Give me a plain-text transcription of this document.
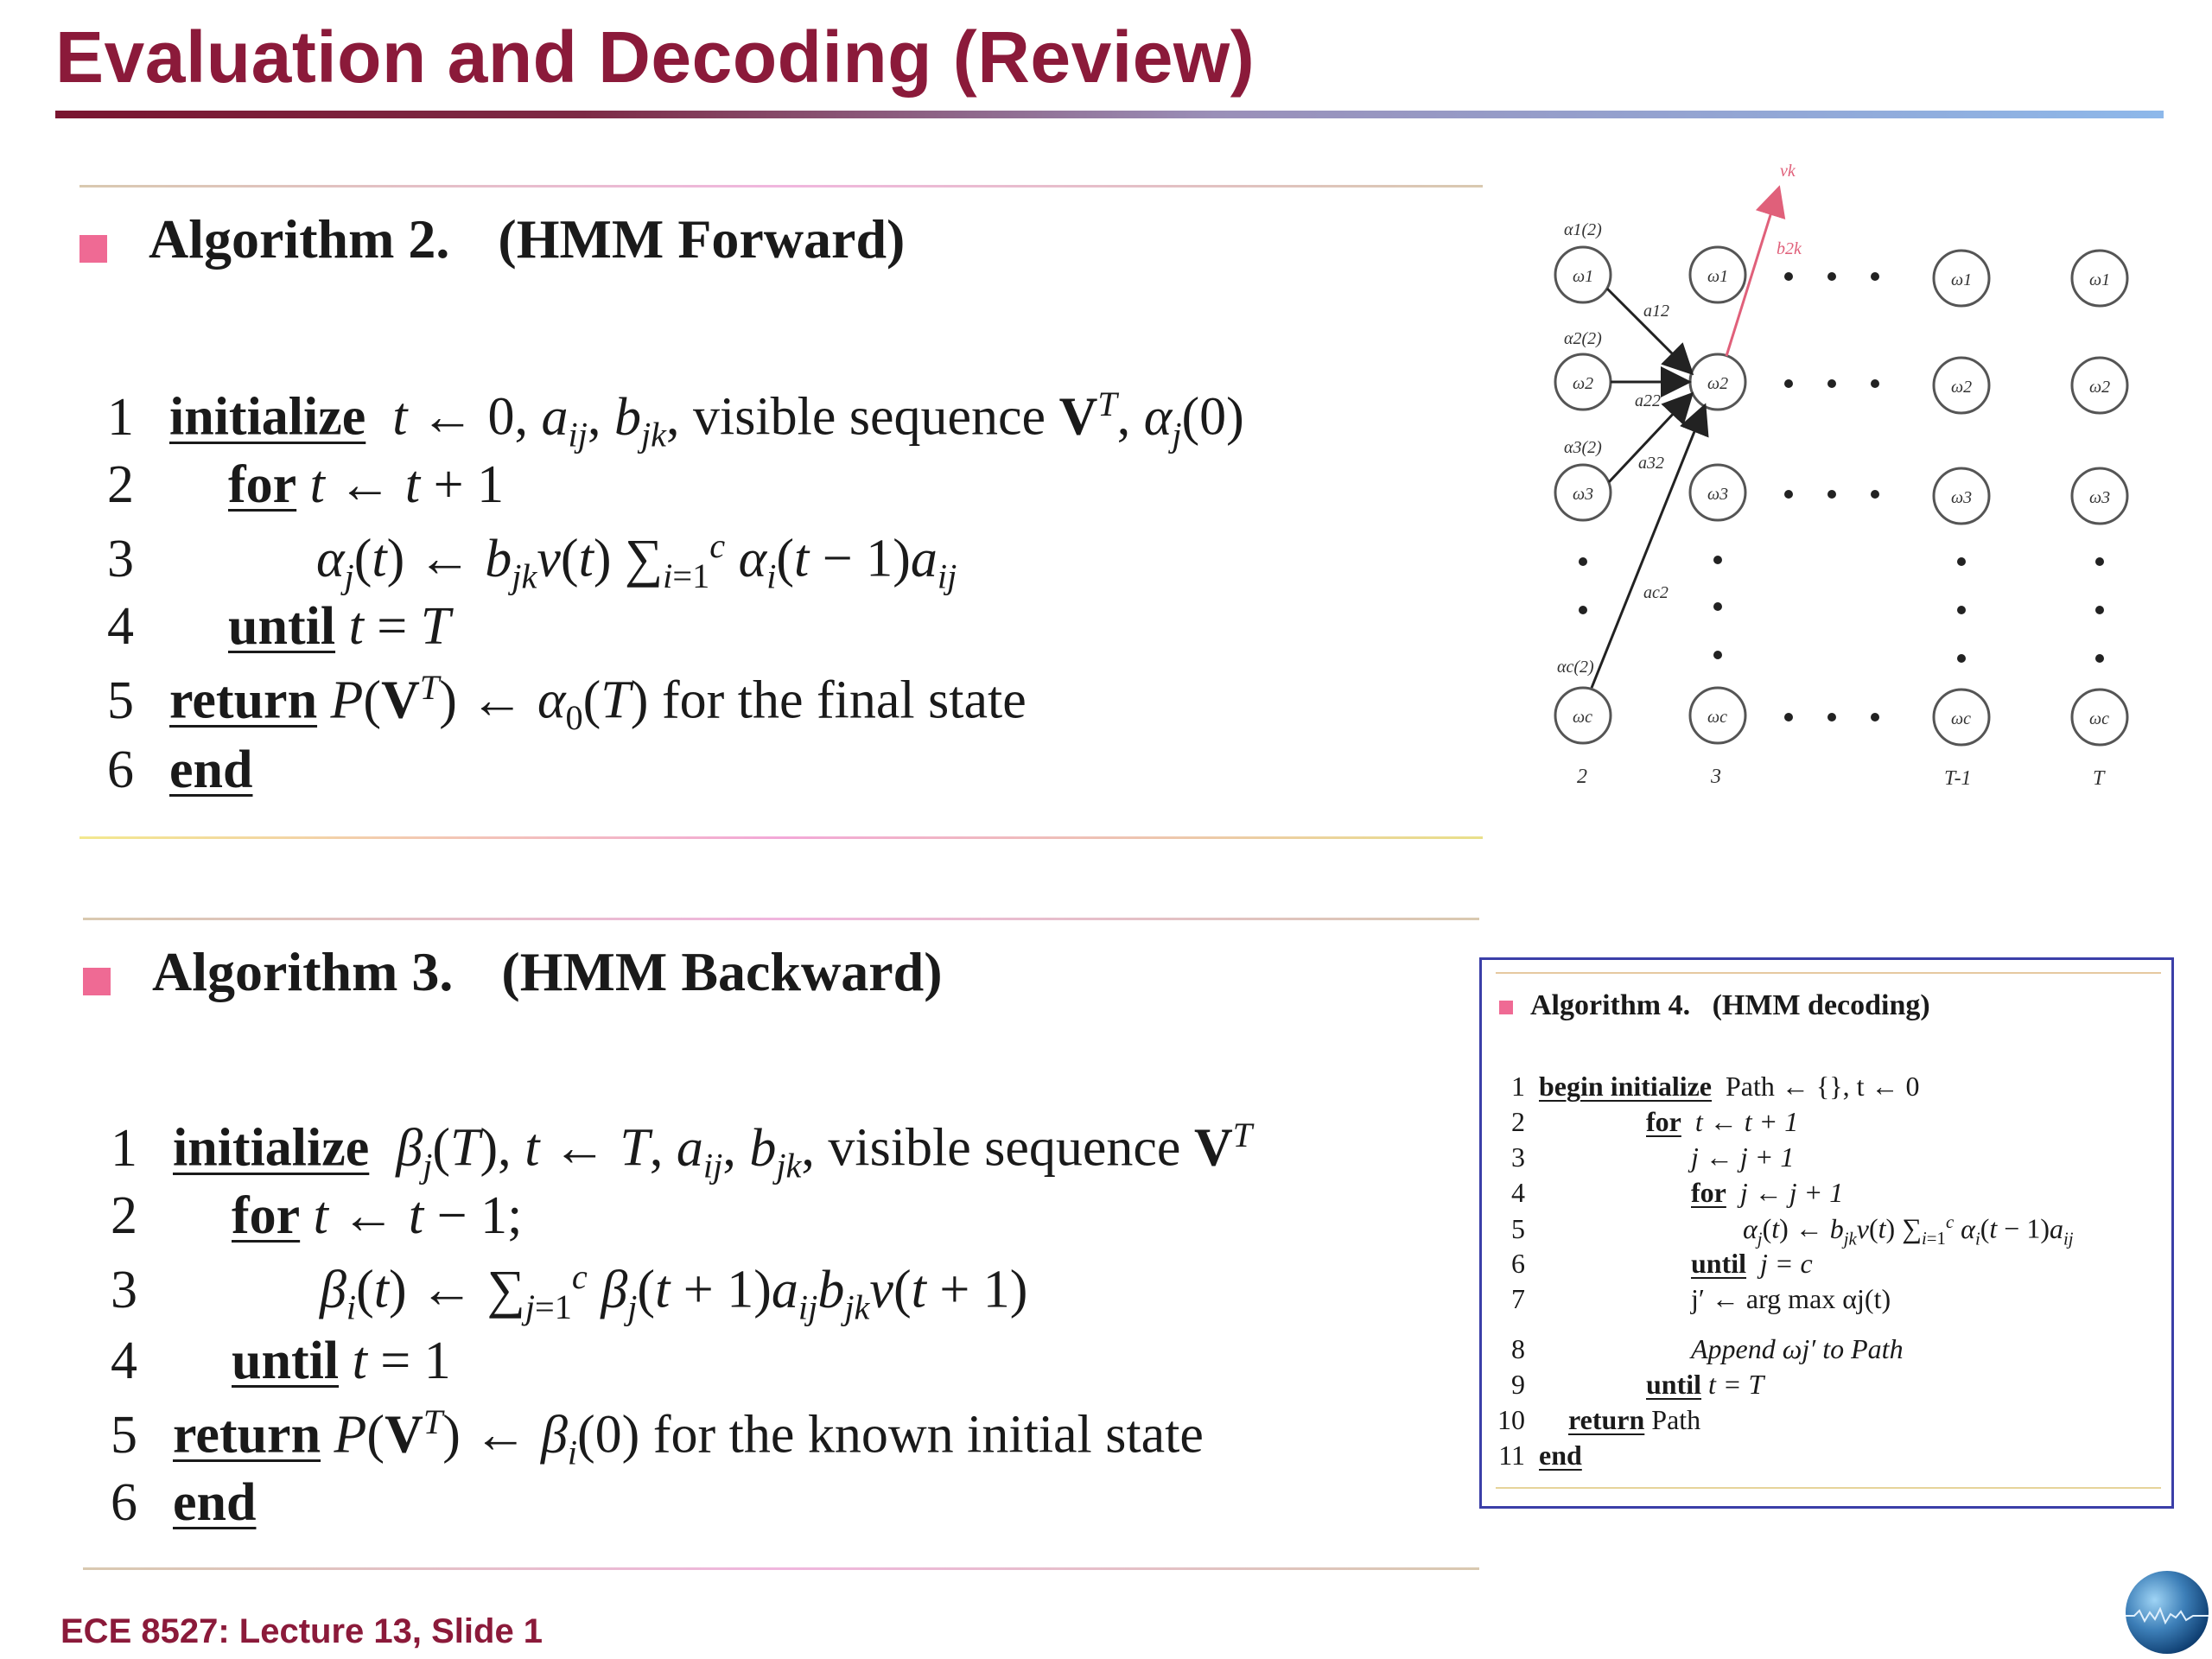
Evaluation and Decoding (Review)
Algorithm 2. (HMM Forward)
1 initialize t ← 0, $a_{ij}$, $b_{jk}$, visible sequence $V^T$, $\alpha_j(0)$
2 for t ← t + 1
3	$\alpha_j(t)$ ← $b_{jk}v(t)$ $\sum_{i=1}^c$ $\alpha_i(t - 1)a_{ij}$
4 until t = T
5 return $P(V^T)$ ← $\alpha_0(T)$ for the final state
6 end
Algorithm 3. (HMM Backward)
1 initialize $\beta_j(T)$, t ← T, $a_{ij}$, $b_{jk}$, visible sequence $V^T$
2 for t ← t − 1;
3	$\beta_i(t)$ ← $\sum_{j=1}^c$ $\beta_j(t + 1)a_{ij}b_{jk}v(t + 1)$
4 until t = 1
5 return $P(V^T)$ ← $\beta_i(0)$ for the known initial state
6 end
ω1
ω2
ω3
ωc
ω1
ω2
ω3
ωc
ω1
ω2
ω3
ωc
ω1
ω2
ω3
ωc
α1(2)
α2(2)
α3(2)
αc(2)
a12
a22
a32
ac2
b2k
vk
2	3	T-1	T
Algorithm 4. (HMM decoding)
1 begin initialize Path ← {}, t ← 0
2	for t ← t + 1
3	j ← j + 1
4	for j ← j + 1
5	$\alpha_j(t)$ ← $b_{jk}v(t)$ $\sum_{i=1}^c$ $\alpha_i(t - 1)a_{ij}$
6	until j = c
7	j′ ← arg max αj(t)
8	Append ωj′ to Path
9	until t = T
10 return Path
11 end
ECE 8527: Lecture 13, Slide 1
